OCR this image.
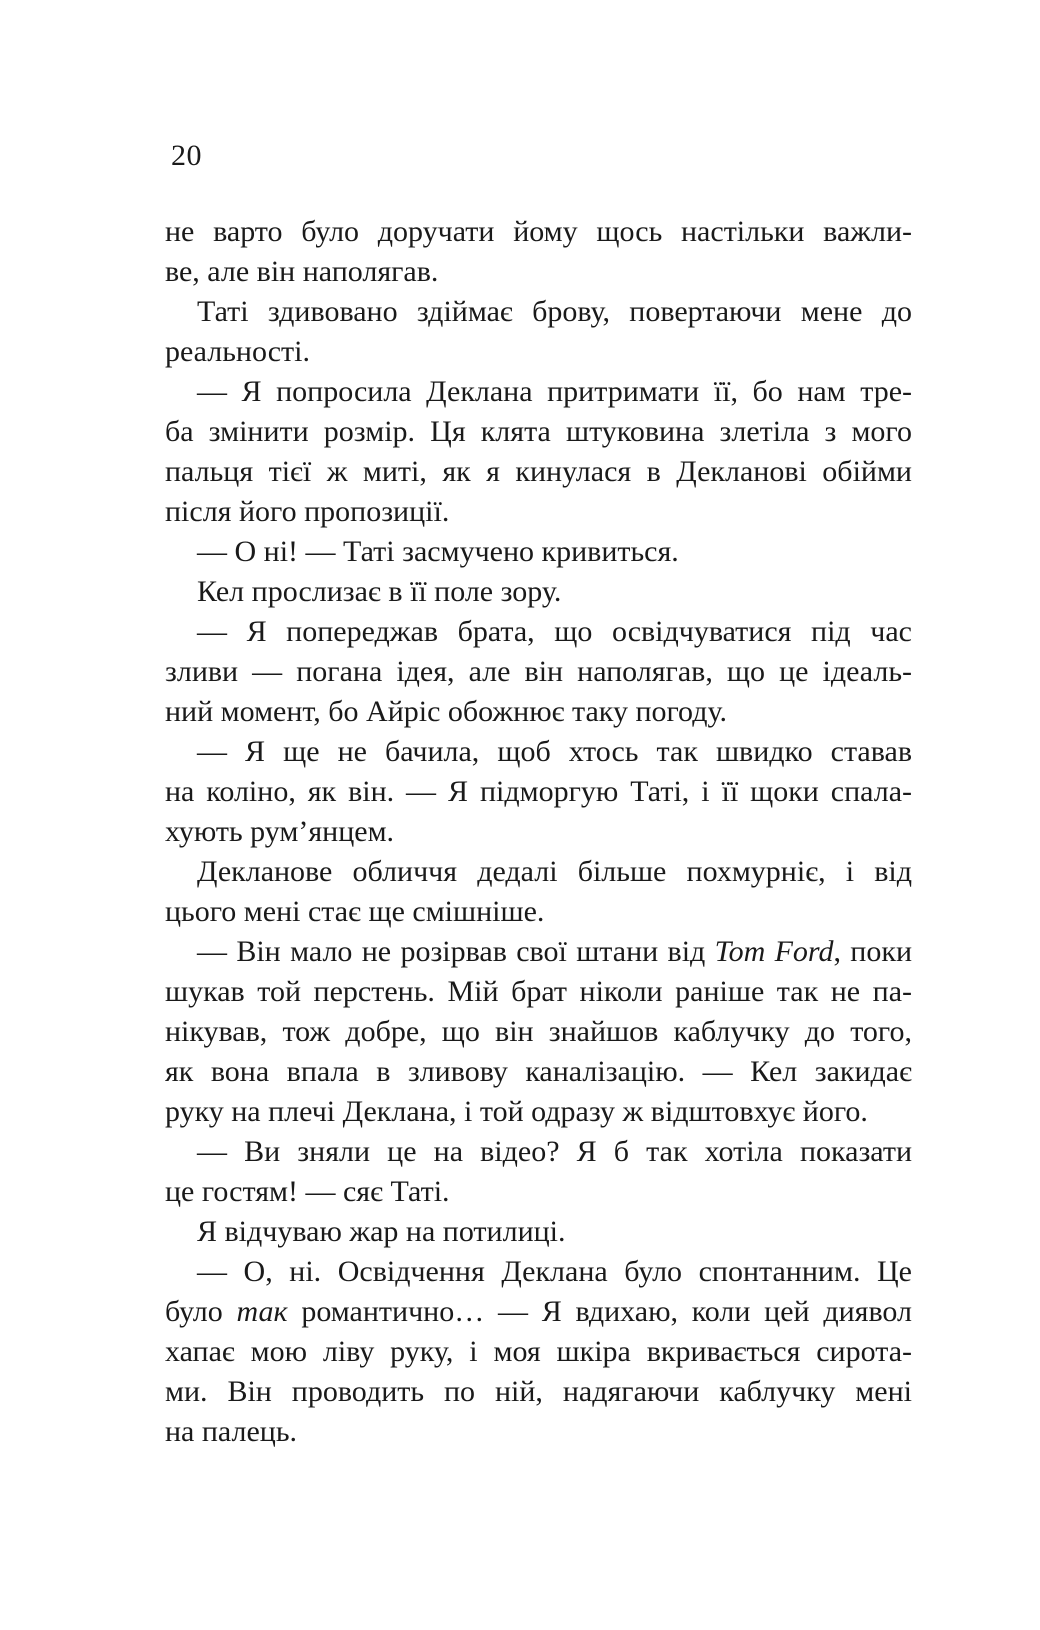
20
не варто було доручати йому щось настільки важли-
ве, але він наполягав.
Таті здивовано здіймає брову, повертаючи мене до
реальності.
— Я попросила Деклана притримати її, бо нам тре-
ба змінити розмір. Ця клята штуковина злетіла з мого
пальця тієї ж миті, як я кинулася в Декланові обійми
після його пропозиції.
— О ні! — Таті засмучено кривиться.
Кел прослизає в її поле зору.
— Я попереджав брата, що освідчуватися під час
зливи — погана ідея, але він наполягав, що це ідеаль-
ний момент, бо Айріс обожнює таку погоду.
— Я ще не бачила, щоб хтось так швидко ставав
на коліно, як він. — Я підморгую Таті, і її щоки спала-
хують рум’янцем.
Декланове обличчя дедалі більше похмурніє, і від
цього мені стає ще смішніше.
— Він мало не розірвав свої штани від Tom Ford, поки
шукав той перстень. Мій брат ніколи раніше так не па-
нікував, тож добре, що він знайшов каблучку до того,
як вона впала в зливову каналізацію. — Кел закидає
руку на плечі Деклана, і той одразу ж відштовхує його.
— Ви зняли це на відео? Я б так хотіла показати
це гостям! — сяє Таті.
Я відчуваю жар на потилиці.
— О, ні. Освідчення Деклана було спонтанним. Це
було так романтично… — Я вдихаю, коли цей диявол
хапає мою ліву руку, і моя шкіра вкривається сирота-
ми. Він проводить по ній, надягаючи каблучку мені
на палець.
